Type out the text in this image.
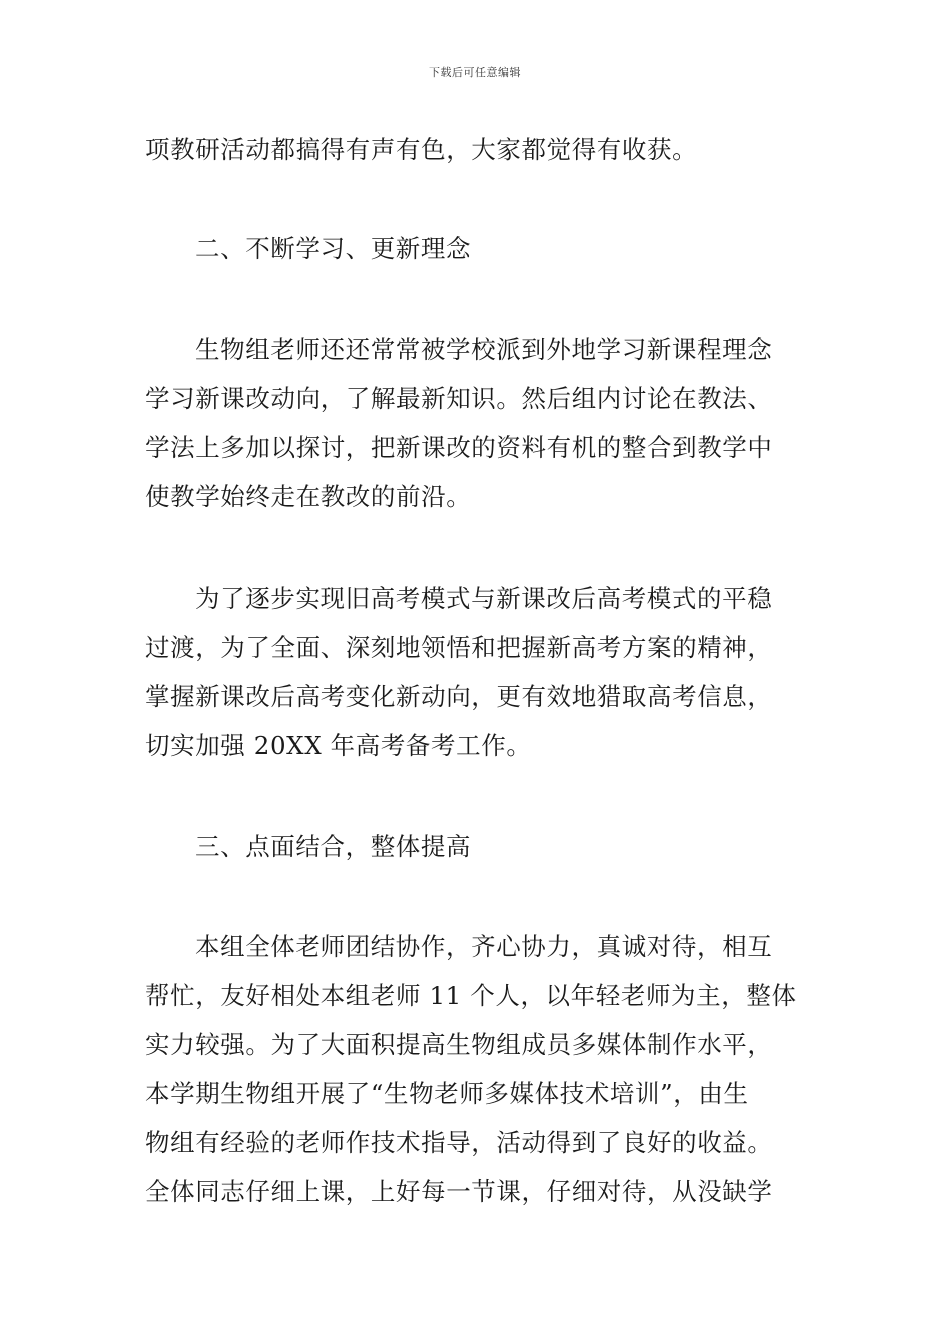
下载后可任意编辑
项教研活动都搞得有声有色，大家都觉得有收获。
二、不断学习、更新理念
生物组老师还还常常被学校派到外地学习新课程理念
学习新课改动向，了解最新知识。然后组内讨论在教法、
学法上多加以探讨，把新课改的资料有机的整合到教学中
使教学始终走在教改的前沿。
为了逐步实现旧高考模式与新课改后高考模式的平稳
过渡，为了全面、深刻地领悟和把握新高考方案的精神，
掌握新课改后高考变化新动向，更有效地猎取高考信息，
切实加强 20XX 年高考备考工作。
三、点面结合，整体提高
本组全体老师团结协作，齐心协力，真诚对待，相互
帮忙，友好相处本组老师 11 个人，以年轻老师为主，整体
实力较强。为了大面积提高生物组成员多媒体制作水平，
本学期生物组开展了“生物老师多媒体技术培训”，由生
物组有经验的老师作技术指导，活动得到了良好的收益。
全体同志仔细上课，上好每一节课，仔细对待，从没缺学
